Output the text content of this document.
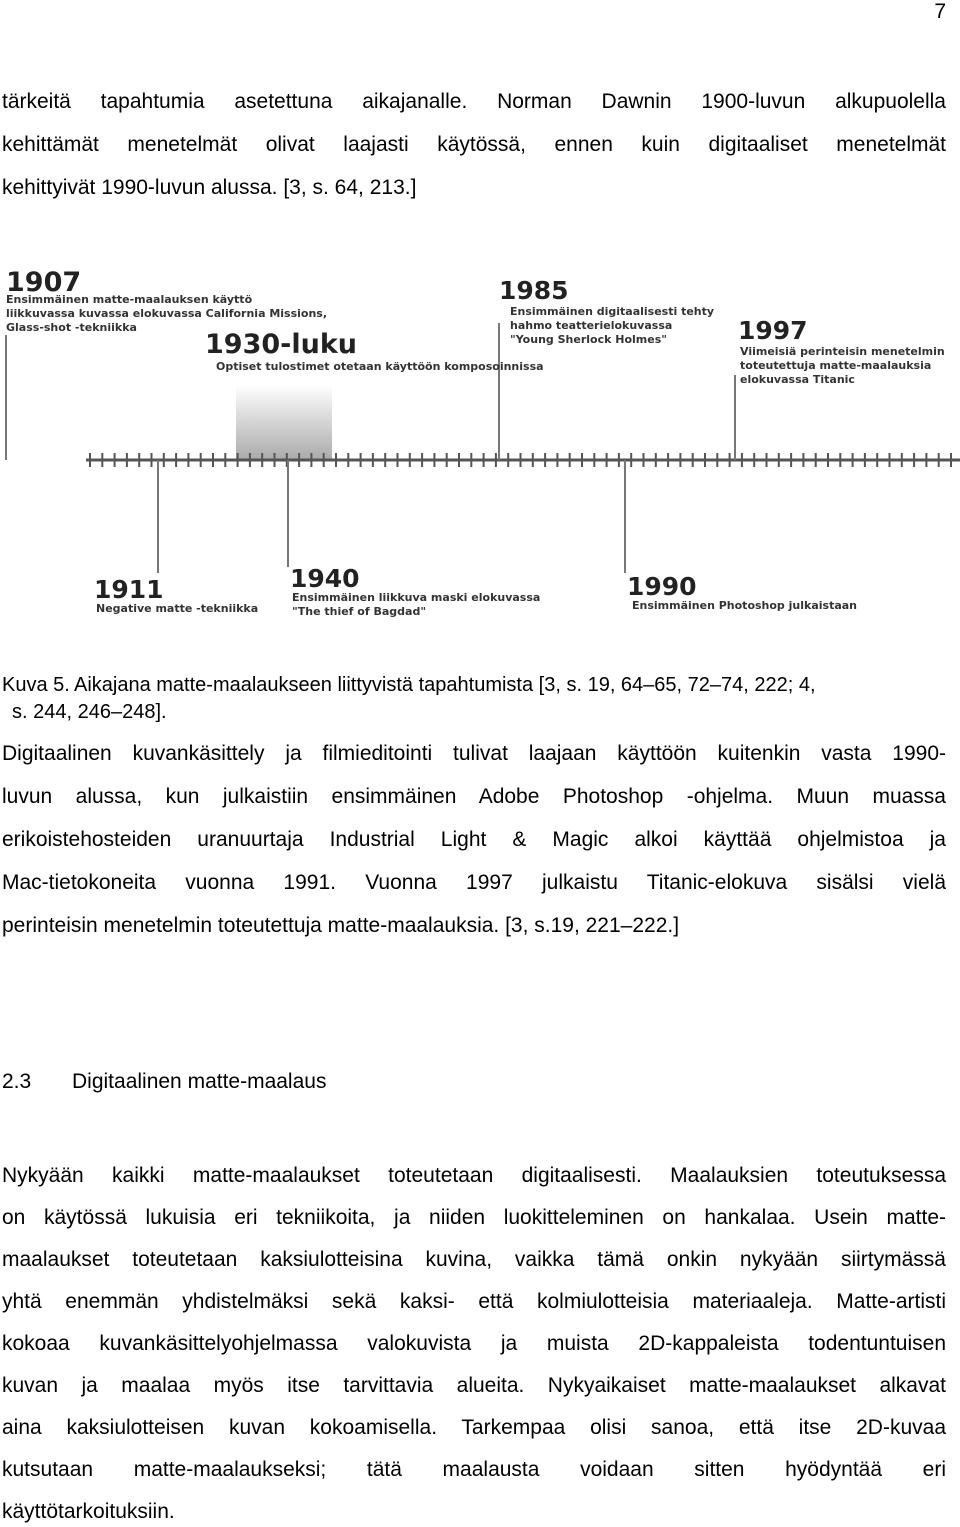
7
tärkeitä tapahtumia asetettuna aikajanalle. Norman Dawnin 1900-luvun alkupuolella
kehittämät menetelmät olivat laajasti käytössä, ennen kuin digitaaliset menetelmät
kehittyivät 1990-luvun alussa. [3, s. 64, 213.]
1907
Ensimmäinen matte-maalauksen käyttö
liikkuvassa kuvassa elokuvassa California Missions,
Glass-shot -tekniikka
1930-luku
Optiset tulostimet otetaan käyttöön komposoinnissa
1985
Ensimmäinen digitaalisesti tehty
hahmo teatterielokuvassa
"Young Sherlock Holmes"	1997
Viimeisiä perinteisin menetelmin
toteutettuja matte-maalauksia
elokuvassa Titanic
1911
Negative matte -tekniikka
1940
Ensimmäinen liikkuva maski elokuvassa
"The thief of Bagdad"
1990
Ensimmäinen Photoshop julkaistaan
Kuva 5. Aikajana matte-maalaukseen liittyvistä tapahtumista [3, s. 19, 64–65, 72–74, 222; 4,
s. 244, 246–248].
Digitaalinen kuvankäsittely ja filmieditointi tulivat laajaan käyttöön kuitenkin vasta 1990-
luvun alussa, kun julkaistiin ensimmäinen Adobe Photoshop -ohjelma. Muun muassa
erikoistehosteiden uranuurtaja Industrial Light & Magic alkoi käyttää ohjelmistoa ja
Mac-tietokoneita vuonna 1991. Vuonna 1997 julkaistu Titanic-elokuva sisälsi vielä
perinteisin menetelmin toteutettuja matte-maalauksia. [3, s.19, 221–222.]
2.3 Digitaalinen matte-maalaus
Nykyään kaikki matte-maalaukset toteutetaan digitaalisesti. Maalauksien toteutuksessa
on käytössä lukuisia eri tekniikoita, ja niiden luokitteleminen on hankalaa. Usein matte-
maalaukset toteutetaan kaksiulotteisina kuvina, vaikka tämä onkin nykyään siirtymässä
yhtä enemmän yhdistelmäksi sekä kaksi- että kolmiulotteisia materiaaleja. Matte-artisti
kokoaa kuvankäsittelyohjelmassa valokuvista ja muista 2D-kappaleista todentuntuisen
kuvan ja maalaa myös itse tarvittavia alueita. Nykyaikaiset matte-maalaukset alkavat
aina kaksiulotteisen kuvan kokoamisella. Tarkempaa olisi sanoa, että itse 2D-kuvaa
kutsutaan matte-maalaukseksi; tätä maalausta voidaan sitten hyödyntää eri
käyttötarkoituksiin.
